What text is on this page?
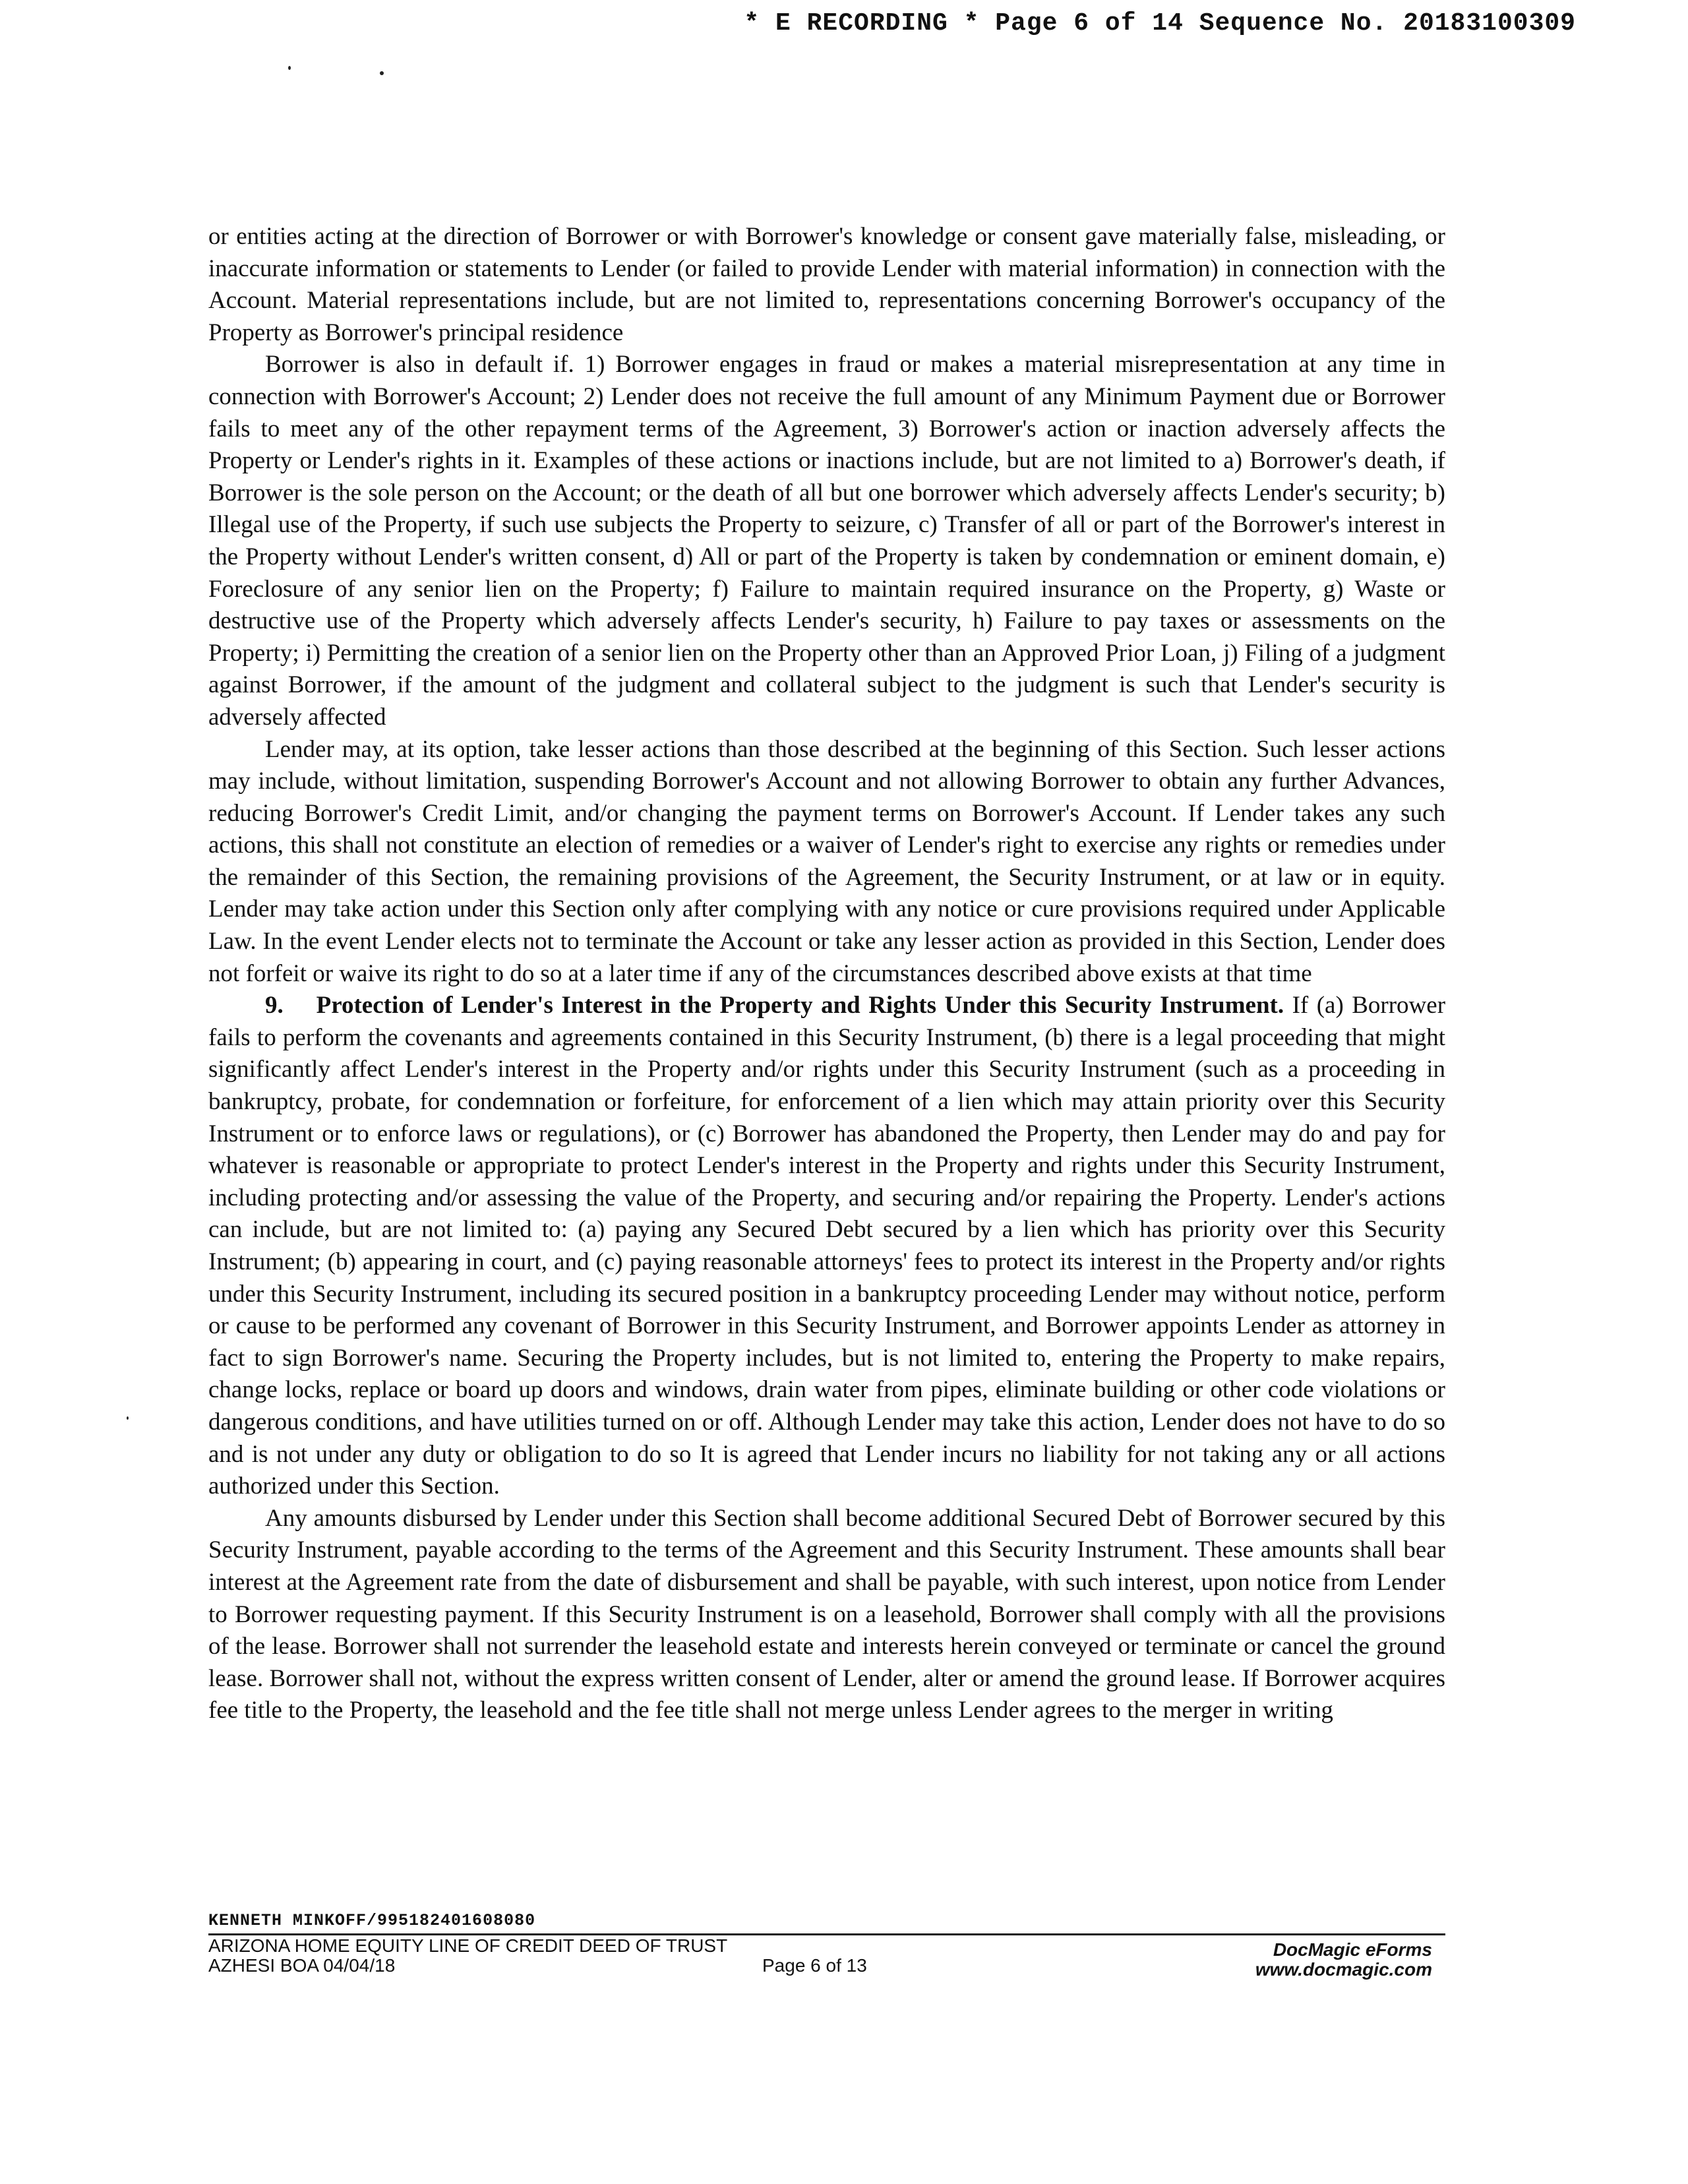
* E RECORDING * Page 6 of 14 Sequence No. 20183100309

or entities acting at the direction of Borrower or with Borrower's knowledge or consent gave materially false, misleading, or inaccurate information or statements to Lender (or failed to provide Lender with material information) in connection with the Account. Material representations include, but are not limited to, representations concerning Borrower's occupancy of the Property as Borrower's principal residence

Borrower is also in default if. 1) Borrower engages in fraud or makes a material misrepresentation at any time in connection with Borrower's Account; 2) Lender does not receive the full amount of any Minimum Payment due or Borrower fails to meet any of the other repayment terms of the Agreement, 3) Borrower's action or inaction adversely affects the Property or Lender's rights in it. Examples of these actions or inactions include, but are not limited to a) Borrower's death, if Borrower is the sole person on the Account; or the death of all but one borrower which adversely affects Lender's security; b) Illegal use of the Property, if such use subjects the Property to seizure, c) Transfer of all or part of the Borrower's interest in the Property without Lender's written consent, d) All or part of the Property is taken by condemnation or eminent domain, e) Foreclosure of any senior lien on the Property; f) Failure to maintain required insurance on the Property, g) Waste or destructive use of the Property which adversely affects Lender's security, h) Failure to pay taxes or assessments on the Property; i) Permitting the creation of a senior lien on the Property other than an Approved Prior Loan, j) Filing of a judgment against Borrower, if the amount of the judgment and collateral subject to the judgment is such that Lender's security is adversely affected

Lender may, at its option, take lesser actions than those described at the beginning of this Section. Such lesser actions may include, without limitation, suspending Borrower's Account and not allowing Borrower to obtain any further Advances, reducing Borrower's Credit Limit, and/or changing the payment terms on Borrower's Account. If Lender takes any such actions, this shall not constitute an election of remedies or a waiver of Lender's right to exercise any rights or remedies under the remainder of this Section, the remaining provisions of the Agreement, the Security Instrument, or at law or in equity. Lender may take action under this Section only after complying with any notice or cure provisions required under Applicable Law. In the event Lender elects not to terminate the Account or take any lesser action as provided in this Section, Lender does not forfeit or waive its right to do so at a later time if any of the circumstances described above exists at that time

9. Protection of Lender's Interest in the Property and Rights Under this Security Instrument. If (a) Borrower fails to perform the covenants and agreements contained in this Security Instrument, (b) there is a legal proceeding that might significantly affect Lender's interest in the Property and/or rights under this Security Instrument (such as a proceeding in bankruptcy, probate, for condemnation or forfeiture, for enforcement of a lien which may attain priority over this Security Instrument or to enforce laws or regulations), or (c) Borrower has abandoned the Property, then Lender may do and pay for whatever is reasonable or appropriate to protect Lender's interest in the Property and rights under this Security Instrument, including protecting and/or assessing the value of the Property, and securing and/or repairing the Property. Lender's actions can include, but are not limited to: (a) paying any Secured Debt secured by a lien which has priority over this Security Instrument; (b) appearing in court, and (c) paying reasonable attorneys' fees to protect its interest in the Property and/or rights under this Security Instrument, including its secured position in a bankruptcy proceeding Lender may without notice, perform or cause to be performed any covenant of Borrower in this Security Instrument, and Borrower appoints Lender as attorney in fact to sign Borrower's name. Securing the Property includes, but is not limited to, entering the Property to make repairs, change locks, replace or board up doors and windows, drain water from pipes, eliminate building or other code violations or dangerous conditions, and have utilities turned on or off. Although Lender may take this action, Lender does not have to do so and is not under any duty or obligation to do so It is agreed that Lender incurs no liability for not taking any or all actions authorized under this Section.

Any amounts disbursed by Lender under this Section shall become additional Secured Debt of Borrower secured by this Security Instrument, payable according to the terms of the Agreement and this Security Instrument. These amounts shall bear interest at the Agreement rate from the date of disbursement and shall be payable, with such interest, upon notice from Lender to Borrower requesting payment. If this Security Instrument is on a leasehold, Borrower shall comply with all the provisions of the lease. Borrower shall not surrender the leasehold estate and interests herein conveyed or terminate or cancel the ground lease. Borrower shall not, without the express written consent of Lender, alter or amend the ground lease. If Borrower acquires fee title to the Property, the leasehold and the fee title shall not merge unless Lender agrees to the merger in writing

KENNETH MINKOFF/995182401608080
ARIZONA HOME EQUITY LINE OF CREDIT DEED OF TRUST
AZHESI BOA 04/04/18	Page 6 of 13
DocMagic eForms
www.docmagic.com
